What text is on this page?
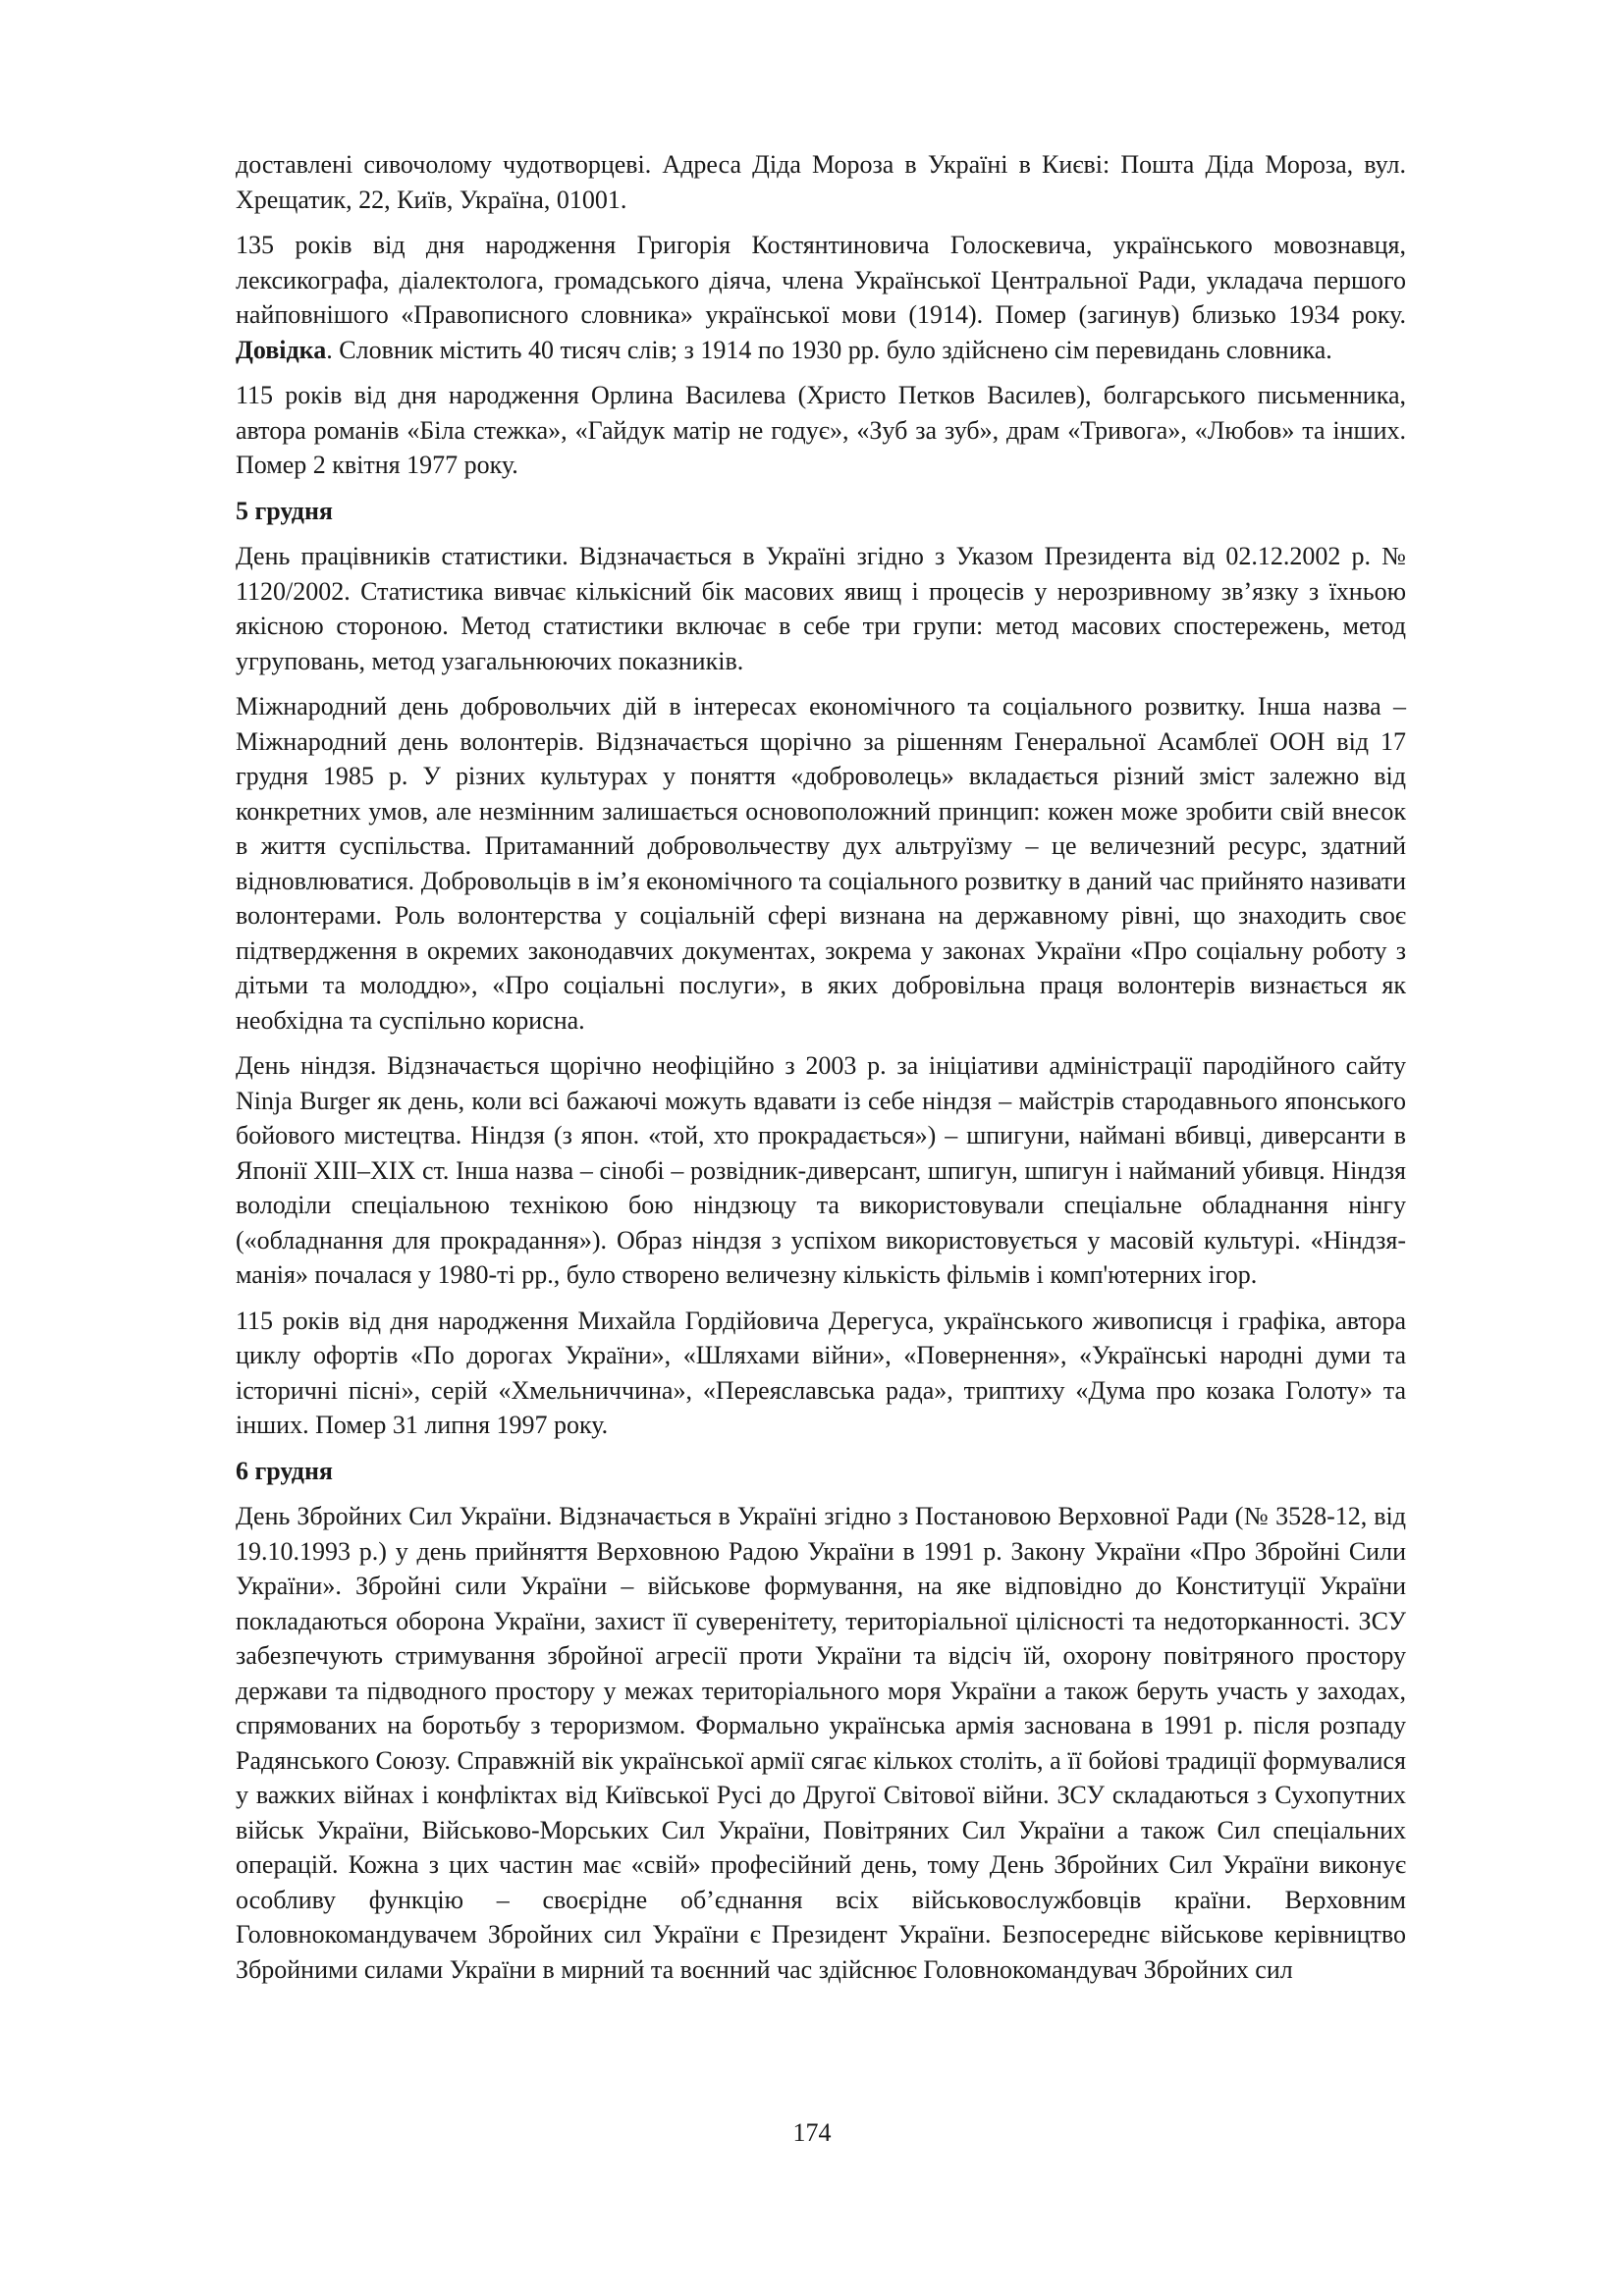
доставлені сивочолому чудотворцеві. Адреса Діда Мороза в Україні в Києві: Пошта Діда Мороза, вул. Хрещатик, 22, Київ, Україна, 01001.

135 років від дня народження Григорія Костянтиновича Голоскевича, українського мовознавця, лексикографа, діалектолога, громадського діяча, члена Української Центральної Ради, укладача першого найповнішого «Правописного словника» української мови (1914). Помер (загинув) близько 1934 року. Довідка. Словник містить 40 тисяч слів; з 1914 по 1930 рр. було здійснено сім перевидань словника.

115 років від дня народження Орлина Василева (Христо Петков Василев), болгарського письменника, автора романів «Біла стежка», «Гайдук матір не годує», «Зуб за зуб», драм «Тривога», «Любов» та інших. Помер 2 квітня 1977 року.

5 грудня

День працівників статистики. Відзначається в Україні згідно з Указом Президента від 02.12.2002 р. № 1120/2002. Статистика вивчає кількісний бік масових явищ і процесів у нерозривному зв’язку з їхньою якісною стороною. Метод статистики включає в себе три групи: метод масових спостережень, метод угруповань, метод узагальнюючих показників.

Міжнародний день добровольчих дій в інтересах економічного та соціального розвитку. Інша назва – Міжнародний день волонтерів. Відзначається щорічно за рішенням Генеральної Асамблеї ООН від 17 грудня 1985 р. У різних культурах у поняття «доброволець» вкладається різний зміст залежно від конкретних умов, але незмінним залишається основоположний принцип: кожен може зробити свій внесок в життя суспільства. Притаманний добровольчеству дух альтруїзму – це величезний ресурс, здатний відновлюватися. Добровольців в ім’я економічного та соціального розвитку в даний час прийнято називати волонтерами. Роль волонтерства у соціальній сфері визнана на державному рівні, що знаходить своє підтвердження в окремих законодавчих документах, зокрема у законах України «Про соціальну роботу з дітьми та молоддю», «Про соціальні послуги», в яких добровільна праця волонтерів визнається як необхідна та суспільно корисна.

День ніндзя. Відзначається щорічно неофіційно з 2003 р. за ініціативи адміністрації пародійного сайту Ninja Burger як день, коли всі бажаючі можуть вдавати із себе ніндзя – майстрів стародавнього японського бойового мистецтва. Ніндзя (з япон. «той, хто прокрадається») – шпигуни, наймані вбивці, диверсанти в Японії XIII–XIX ст. Інша назва – сінобі – розвідник-диверсант, шпигун, шпигун і найманий убивця. Ніндзя володіли спеціальною технікою бою ніндзюцу та використовували спеціальне обладнання нінгу («обладнання для прокрадання»). Образ ніндзя з успіхом використовується у масовій культурі. «Ніндзя-манія» почалася у 1980-ті рр., було створено величезну кількість фільмів і комп'ютерних ігор.

115 років від дня народження Михайла Гордійовича Дерегуса, українського живописця і графіка, автора циклу офортів «По дорогах України», «Шляхами війни», «Повернення», «Українські народні думи та історичні пісні», серій «Хмельниччина», «Переяславська рада», триптиху «Дума про козака Голоту» та інших. Помер 31 липня 1997 року.

6 грудня

День Збройних Сил України. Відзначається в Україні згідно з Постановою Верховної Ради (№ 3528-12, від 19.10.1993 р.) у день прийняття Верховною Радою України в 1991 р. Закону України «Про Збройні Сили України». Збройні сили України – військове формування, на яке відповідно до Конституції України покладаються оборона України, захист її суверенітету, територіальної цілісності та недоторканності. ЗСУ забезпечують стримування збройної агресії проти України та відсіч їй, охорону повітряного простору держави та підводного простору у межах територіального моря України а також беруть участь у заходах, спрямованих на боротьбу з тероризмом. Формально українська армія заснована в 1991 р. після розпаду Радянського Союзу. Справжній вік української армії сягає кількох століть, а її бойові традиції формувалися у важких війнах і конфліктах від Київської Русі до Другої Світової війни. ЗСУ складаються з Сухопутних військ України, Військово-Морських Сил України, Повітряних Сил України а також Сил спеціальних операцій. Кожна з цих частин має «свій» професійний день, тому День Збройних Сил України виконує особливу функцію – своєрідне об’єднання всіх військовослужбовців країни. Верховним Головнокомандувачем Збройних сил України є Президент України. Безпосереднє військове керівництво Збройними силами України в мирний та воєнний час здійснює Головнокомандувач Збройних сил

174
